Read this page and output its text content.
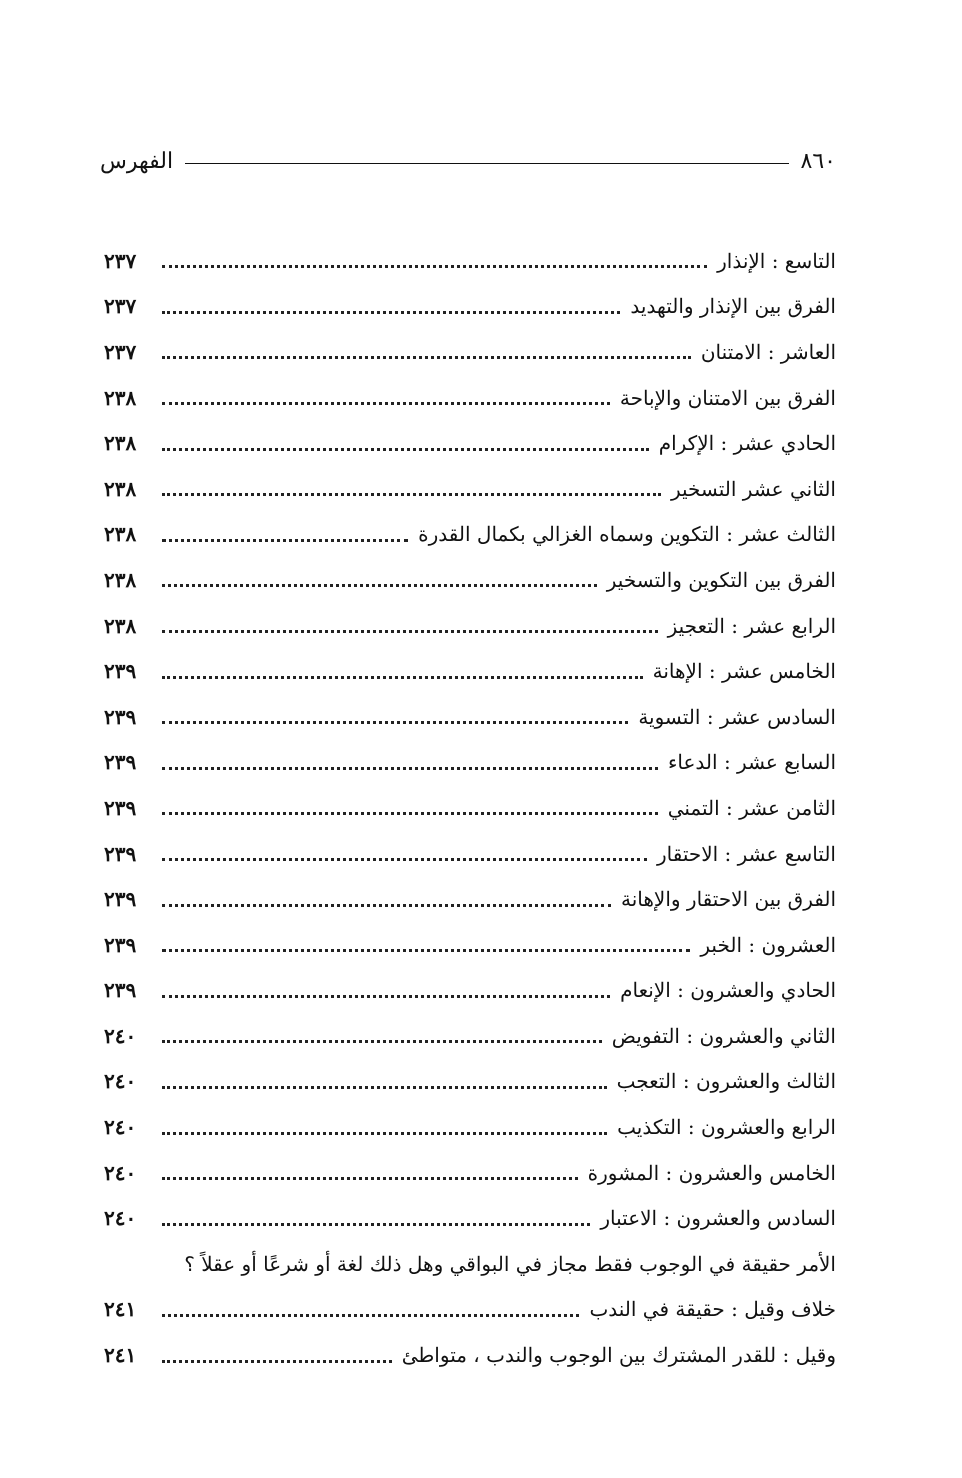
٨٦٠
الفهرس
التاسع : الإنذار
٢٣٧
الفرق بين الإنذار والتهديد
٢٣٧
العاشر : الامتنان
٢٣٧
الفرق بين الامتنان والإباحة
٢٣٨
الحادي عشر : الإكرام
٢٣٨
الثاني عشر التسخير
٢٣٨
الثالث عشر : التكوين وسماه الغزالي بكمال القدرة
٢٣٨
الفرق بين التكوين والتسخير
٢٣٨
الرابع عشر : التعجيز
٢٣٨
الخامس عشر : الإهانة
٢٣٩
السادس عشر : التسوية
٢٣٩
السابع عشر : الدعاء
٢٣٩
الثامن عشر : التمني
٢٣٩
التاسع عشر : الاحتقار
٢٣٩
الفرق بين الاحتقار والإهانة
٢٣٩
العشرون : الخبر
٢٣٩
الحادي والعشرون : الإنعام
٢٣٩
الثاني والعشرون : التفويض
٢٤٠
الثالث والعشرون : التعجب
٢٤٠
الرابع والعشرون : التكذيب
٢٤٠
الخامس والعشرون : المشورة
٢٤٠
السادس والعشرون : الاعتبار
٢٤٠
الأمر حقيقة في الوجوب فقط مجاز في البواقي وهل ذلك لغة أو شرعًا أو عقلاً ؟
خلاف وقيل : حقيقة في الندب
٢٤١
وقيل : للقدر المشترك بين الوجوب والندب ، متواطئ
٢٤١
